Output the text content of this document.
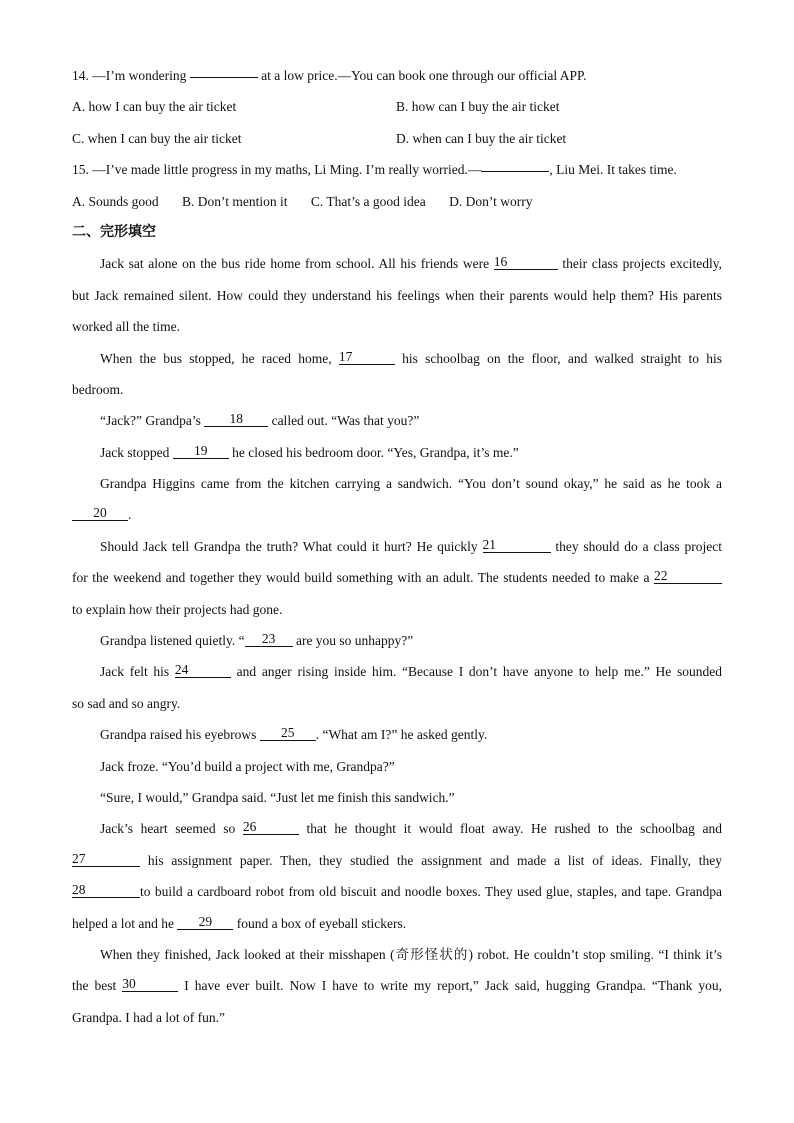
14. —I’m wondering	at a low price.—You can book one through our official APP.
A. how I can buy the air ticket	B. how can I buy the air ticket
C. when I can buy the air ticket	D. when can I buy the air ticket
15. —I’ve made little progress in my maths, Li Ming. I’m really worried.—	, Liu Mei. It takes time.
A. Sounds good B. Don’t mention it C. That’s a good idea D. Don’t worry
二、完形填空
Jack sat alone on the bus ride home from school. All his friends were 16	their class projects excitedly,
but Jack remained silent. How could they understand his feelings when their parents would help them? His parents
worked all the time.
When the bus stopped, he raced home, 17	his schoolbag on the floor, and walked straight to his
bedroom.
“Jack?” Grandpa’s 18 called out. “Was that you?”
Jack stopped 19 he closed his bedroom door. “Yes, Grandpa, it’s me.”
Grandpa Higgins came from the kitchen carrying a sandwich. “You don’t sound okay,” he said as he took a
20 .
Should Jack tell Grandpa the truth? What could it hurt? He quickly 21	they should do a class project
for the weekend and together they would build something with an adult. The students needed to make a 22
to explain how their projects had gone.
Grandpa listened quietly. “ 23 are you so unhappy?”
Jack felt his 24	and anger rising inside him. “Because I don’t have anyone to help me.” He sounded
so sad and so angry.
Grandpa raised his eyebrows 25 . “What am I?” he asked gently.
Jack froze. “You’d build a project with me, Grandpa?”
“Sure, I would,” Grandpa said. “Just let me finish this sandwich.”
Jack’s heart seemed so 26	that he thought it would float away. He rushed to the schoolbag and
27	his assignment paper. Then, they studied the assignment and made a list of ideas. Finally, they
28	to build a cardboard robot from old biscuit and noodle boxes. They used glue, staples, and tape. Grandpa
helped a lot and he 29 found a box of eyeball stickers.
When they finished, Jack looked at their misshapen (奇形怪状的) robot. He couldn’t stop smiling. “I think it’s
the best 30	I have ever built. Now I have to write my report,” Jack said, hugging Grandpa. “Thank you,
Grandpa. I had a lot of fun.”
